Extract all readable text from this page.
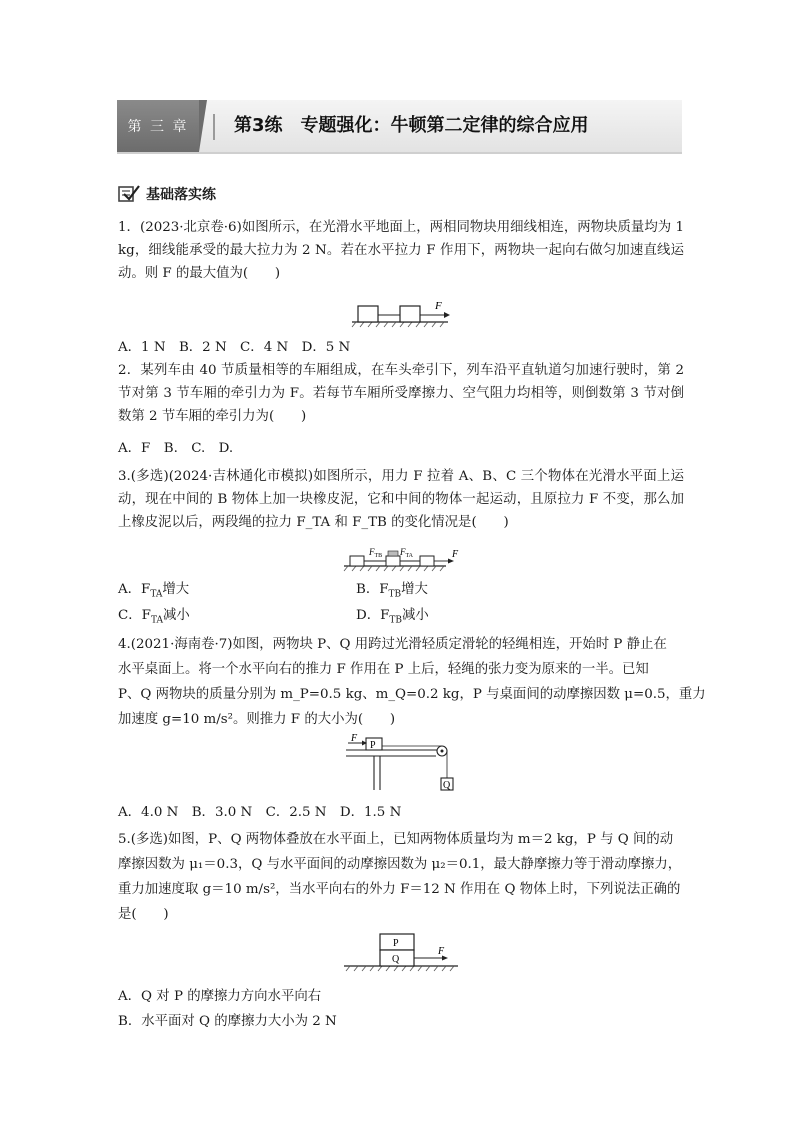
第 三 章	第3练　专题强化：牛顿第二定律的综合应用
基础落实练
1．(2023·北京卷·6)如图所示，在光滑水平地面上，两相同物块用细线相连，两物块质量均为 1 kg，细线能承受的最大拉力为 2 N。若在水平拉力 F 作用下，两物块一起向右做匀加速直线运动。则 F 的最大值为(　　)
F
A．1 N　B．2 N　C．4 N　D．5 N
2．某列车由 40 节质量相等的车厢组成，在车头牵引下，列车沿平直轨道匀加速行驶时，第 2 节对第 3 节车厢的牵引力为 F。若每节车厢所受摩擦力、空气阻力均相等，则倒数第 3 节对倒数第 2 节车厢的牵引力为(　　)
A．F　B.　C.　D.
3.(多选)(2024·吉林通化市模拟)如图所示，用力 F 拉着 A、B、C 三个物体在光滑水平面上运动，现在中间的 B 物体上加一块橡皮泥，它和中间的物体一起运动，且原拉力 F 不变，那么加上橡皮泥以后，两段绳的拉力 F_TA 和 F_TB 的变化情况是(　　)
$F_{TB}$ $F_{TA}$	F
A．$F_{TA}$增大	B．$F_{TB}$增大
C．$F_{TA}$减小	D．$F_{TB}$减小
4.(2021·海南卷·7)如图，两物块 P、Q 用跨过光滑轻质定滑轮的轻绳相连，开始时 P 静止在
水平桌面上。将一个水平向右的推力 F 作用在 P 上后，轻绳的张力变为原来的一半。已知
P、Q 两物块的质量分别为 m_P=0.5 kg、m_Q=0.2 kg，P 与桌面间的动摩擦因数 μ=0.5，重力
加速度 g=10 m/s²。则推力 F 的大小为(　　)
P
Q
F
A．4.0 N　B．3.0 N　C．2.5 N　D．1.5 N
5.(多选)如图，P、Q 两物体叠放在水平面上，已知两物体质量均为 m＝2 kg，P 与 Q 间的动
摩擦因数为 μ₁＝0.3，Q 与水平面间的动摩擦因数为 μ₂＝0.1，最大静摩擦力等于滑动摩擦力，
重力加速度取 g＝10 m/s²，当水平向右的外力 F＝12 N 作用在 Q 物体上时，下列说法正确的
是(　　)
P
Q
F
A．Q 对 P 的摩擦力方向水平向右
B．水平面对 Q 的摩擦力大小为 2 N
